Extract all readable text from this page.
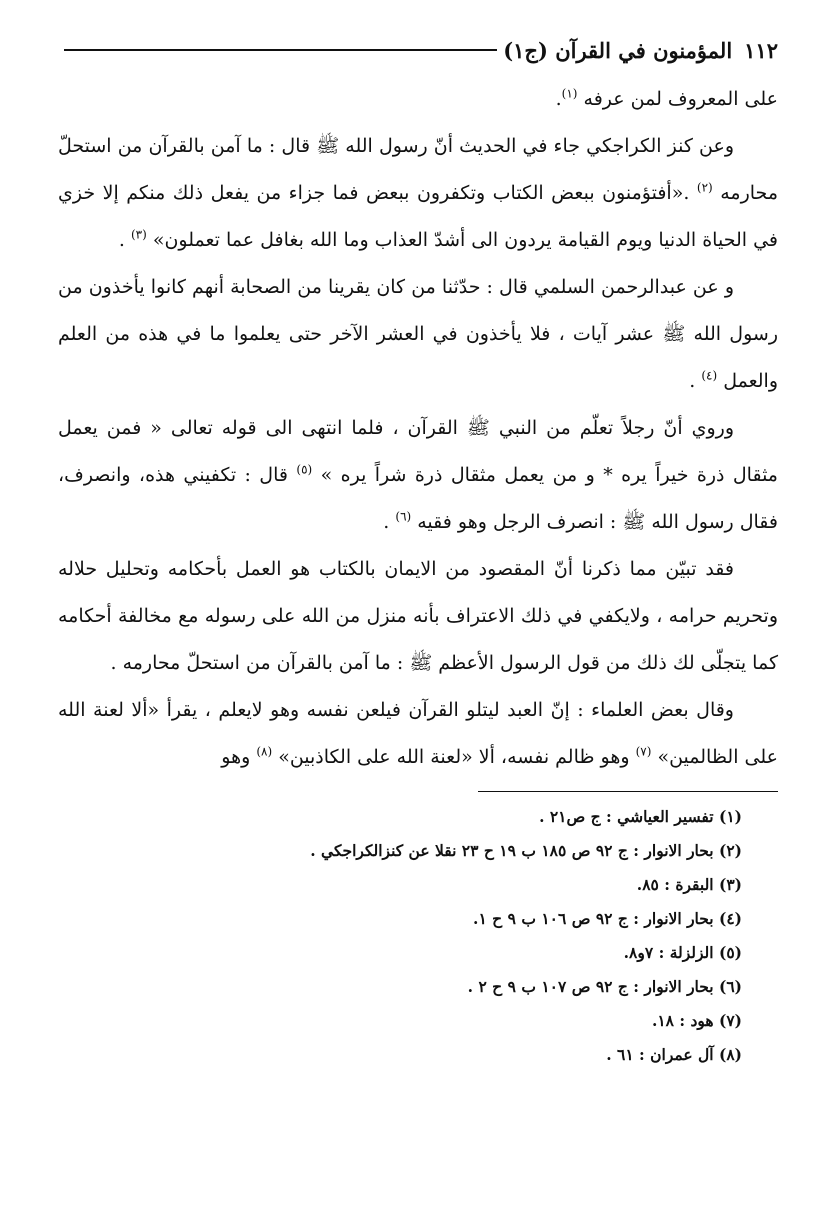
١١٢
المؤمنون في القرآن (ج١)

على المعروف لمن عرفه $^{(١)}$.

وعن كنز الكراجكي جاء في الحديث أنّ رسول الله ﷺ قال : ما آمن بالقرآن من استحلّ محارمه $^{(٢)}$ .«أفتؤمنون ببعض الكتاب وتكفرون ببعض فما جزاء من يفعل ذلك منكم إلا خزي في الحياة الدنيا ويوم القيامة يردون الى أشدّ العذاب وما الله بغافل عما تعملون» $^{(٣)}$ .

و عن عبدالرحمن السلمي قال : حدّثنا من كان يقرينا من الصحابة أنهم كانوا يأخذون من رسول الله ﷺ عشر آيات ، فلا يأخذون في العشر الآخر حتى يعلموا ما في هذه من العلم والعمل $^{(٤)}$ .

وروي أنّ رجلاً تعلّم من النبي ﷺ القرآن ، فلما انتهى الى قوله تعالى « فمن يعمل مثقال ذرة خيراً يره * و من يعمل مثقال ذرة شراً يره » $^{(٥)}$ قال : تكفيني هذه، وانصرف، فقال رسول الله ﷺ : انصرف الرجل وهو فقيه $^{(٦)}$ .

فقد تبيّن مما ذكرنا أنّ المقصود من الايمان بالكتاب هو العمل بأحكامه وتحليل حلاله وتحريم حرامه ، ولايكفي في ذلك الاعتراف بأنه منزل من الله على رسوله مع مخالفة أحكامه كما يتجلّى لك ذلك من قول الرسول الأعظم ﷺ : ما آمن بالقرآن من استحلّ محارمه .

وقال بعض العلماء : إنّ العبد ليتلو القرآن فيلعن نفسه وهو لايعلم ، يقرأ «ألا لعنة الله على الظالمين» $^{(٧)}$ وهو ظالم نفسه، ألا «لعنة الله على الكاذبين» $^{(٨)}$ وهو

(١) تفسير العياشي : ج ص٢١ .
(٢) بحار الانوار : ج ٩٢ ص ١٨٥ ب ١٩ ح ٢٣ نقلا عن كنزالكراجكي .
(٣) البقرة : ٨٥.
(٤) بحار الانوار : ج ٩٢ ص ١٠٦ ب ٩ ح ١.
(٥) الزلزلة : ٧و٨.
(٦) بحار الانوار : ج ٩٢ ص ١٠٧ ب ٩ ح ٢ .
(٧) هود : ١٨.
(٨) آل عمران : ٦١ .
